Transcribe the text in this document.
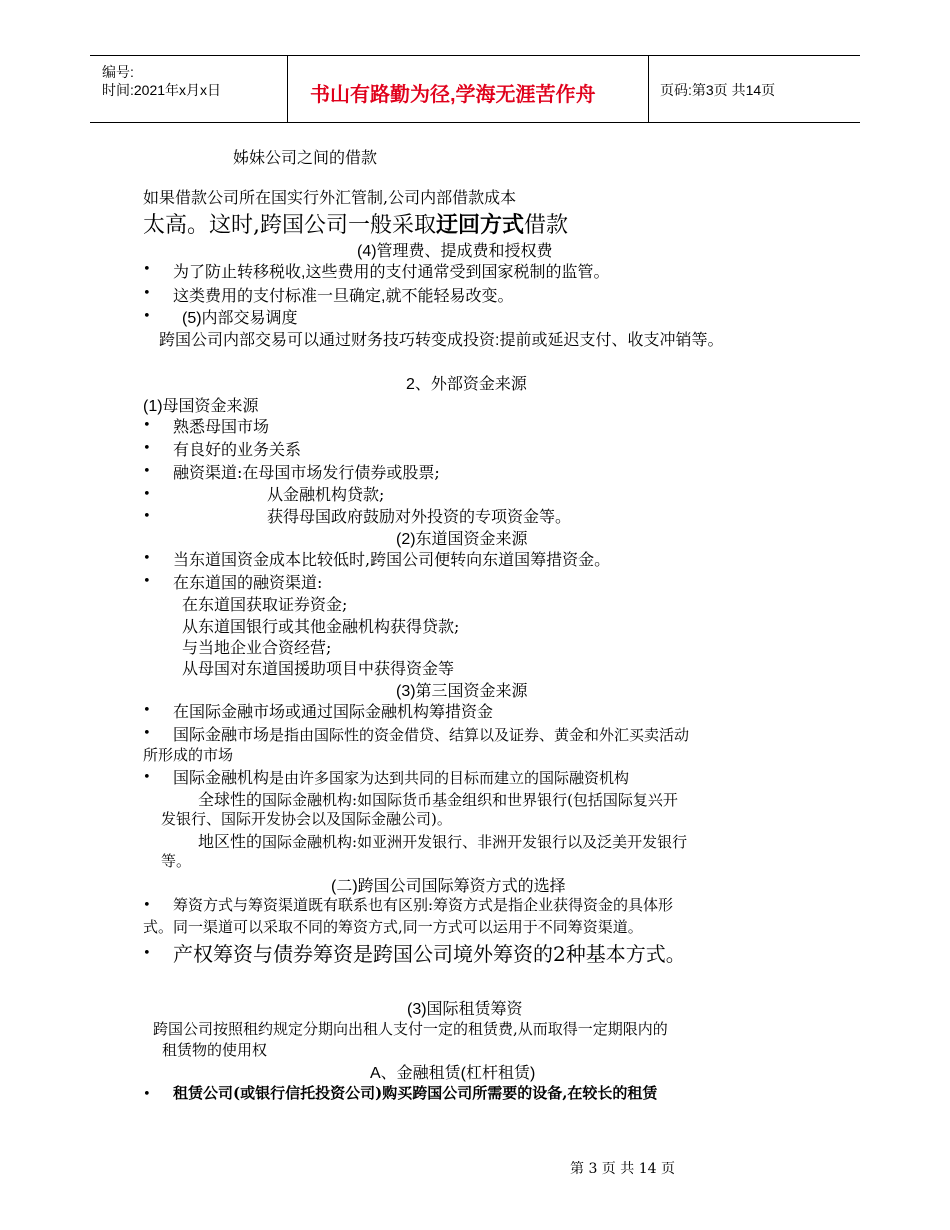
编号:
时间:2021年x月x日	书山有路勤为径,学海无涯苦作舟	页码:第3页 共14页
姊妹公司之间的借款
如果借款公司所在国实行外汇管制,公司内部借款成本
太高。这时,跨国公司一般采取迂回方式借款
(4)管理费、提成费和授权费
• 为了防止转移税收,这些费用的支付通常受到国家税制的监管。
• 这类费用的支付标准一旦确定,就不能轻易改变。
• (5)内部交易调度
跨国公司内部交易可以通过财务技巧转变成投资:提前或延迟支付、收支冲销等。
2、外部资金来源
(1)母国资金来源
• 熟悉母国市场
• 有良好的业务关系
• 融资渠道:在母国市场发行债券或股票;
•	从金融机构贷款;
•	获得母国政府鼓励对外投资的专项资金等。
(2)东道国资金来源
• 当东道国资金成本比较低时,跨国公司便转向东道国筹措资金。
• 在东道国的融资渠道:
在东道国获取证券资金;
从东道国银行或其他金融机构获得贷款;
与当地企业合资经营;
从母国对东道国援助项目中获得资金等
(3)第三国资金来源
• 在国际金融市场或通过国际金融机构筹措资金
• 国际金融市场是指由国际性的资金借贷、结算以及证券、黄金和外汇买卖活动
所形成的市场
• 国际金融机构是由许多国家为达到共同的目标而建立的国际融资机构
全球性的国际金融机构:如国际货币基金组织和世界银行(包括国际复兴开
发银行、国际开发协会以及国际金融公司)。
地区性的国际金融机构:如亚洲开发银行、非洲开发银行以及泛美开发银行
等。
(二)跨国公司国际筹资方式的选择
• 筹资方式与筹资渠道既有联系也有区别:筹资方式是指企业获得资金的具体形
式。同一渠道可以采取不同的筹资方式,同一方式可以运用于不同筹资渠道。
• 产权筹资与债券筹资是跨国公司境外筹资的2种基本方式。
(3)国际租赁筹资
跨国公司按照租约规定分期向出租人支付一定的租赁费,从而取得一定期限内的
租赁物的使用权
A、金融租赁(杠杆租赁)
• 租赁公司(或银行信托投资公司)购买跨国公司所需要的设备,在较长的租赁
第 3 页 共 14 页
